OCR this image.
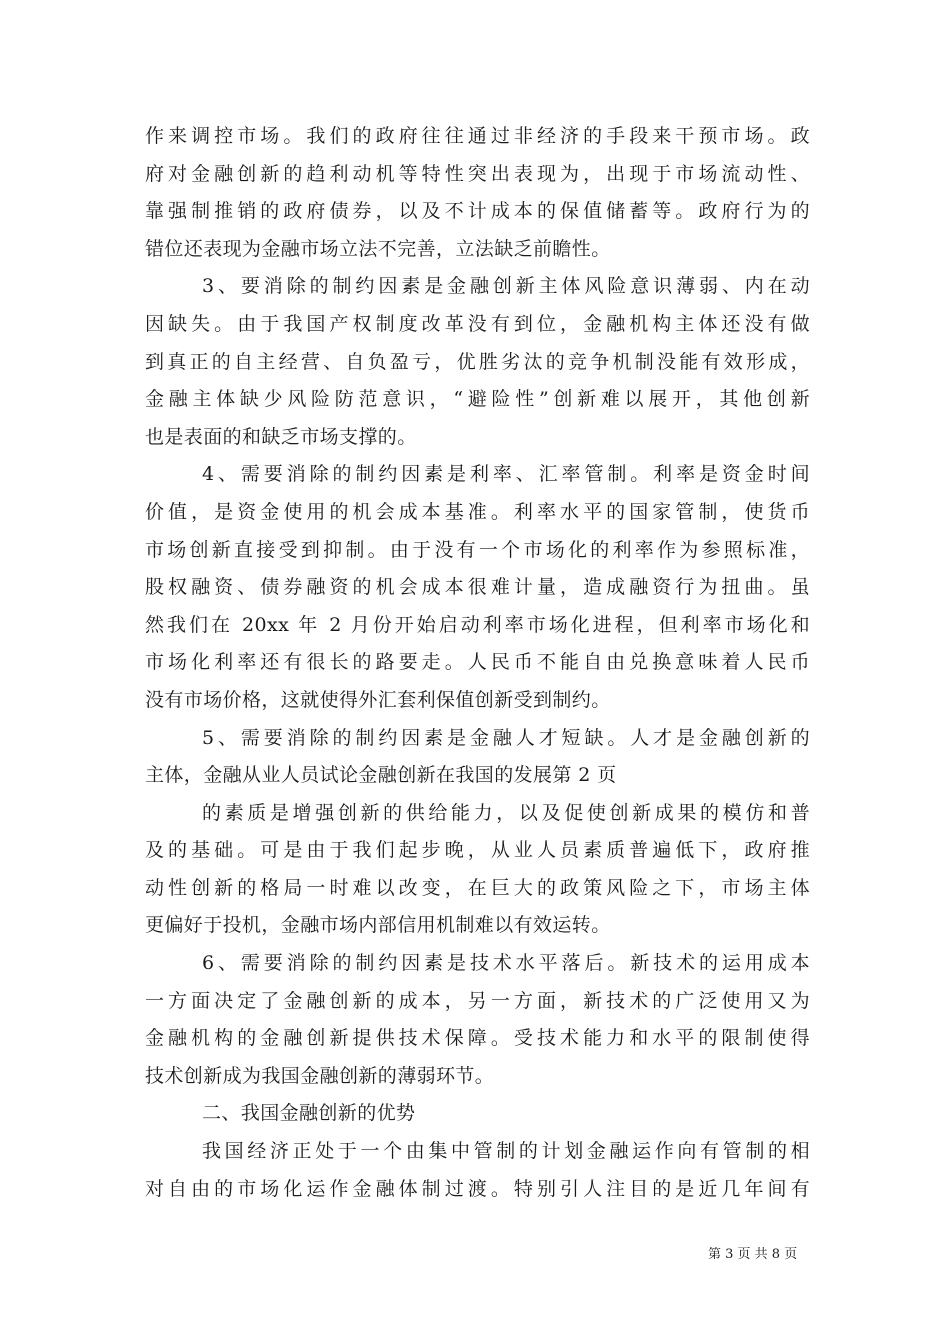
作来调控市场。我们的政府往往通过非经济的手段来干预市场。政
府对金融创新的趋利动机等特性突出表现为，出现于市场流动性、
靠强制推销的政府债券，以及不计成本的保值储蓄等。政府行为的
错位还表现为金融市场立法不完善，立法缺乏前瞻性。
3、要消除的制约因素是金融创新主体风险意识薄弱、内在动
因缺失。由于我国产权制度改革没有到位，金融机构主体还没有做
到真正的自主经营、自负盈亏，优胜劣汰的竞争机制没能有效形成，
金融主体缺少风险防范意识，“避险性”创新难以展开，其他创新
也是表面的和缺乏市场支撑的。
4、需要消除的制约因素是利率、汇率管制。利率是资金时间
价值，是资金使用的机会成本基准。利率水平的国家管制，使货币
市场创新直接受到抑制。由于没有一个市场化的利率作为参照标准，
股权融资、债券融资的机会成本很难计量，造成融资行为扭曲。虽
然我们在 20xx 年 2 月份开始启动利率市场化进程，但利率市场化和
市场化利率还有很长的路要走。人民币不能自由兑换意味着人民币
没有市场价格，这就使得外汇套利保值创新受到制约。
5、需要消除的制约因素是金融人才短缺。人才是金融创新的
主体，金融从业人员试论金融创新在我国的发展第 2 页
的素质是增强创新的供给能力，以及促使创新成果的模仿和普
及的基础。可是由于我们起步晚，从业人员素质普遍低下，政府推
动性创新的格局一时难以改变，在巨大的政策风险之下，市场主体
更偏好于投机，金融市场内部信用机制难以有效运转。
6、需要消除的制约因素是技术水平落后。新技术的运用成本
一方面决定了金融创新的成本，另一方面，新技术的广泛使用又为
金融机构的金融创新提供技术保障。受技术能力和水平的限制使得
技术创新成为我国金融创新的薄弱环节。
二、我国金融创新的优势
我国经济正处于一个由集中管制的计划金融运作向有管制的相
对自由的市场化运作金融体制过渡。特别引人注目的是近几年间有
第 3 页 共 8 页
